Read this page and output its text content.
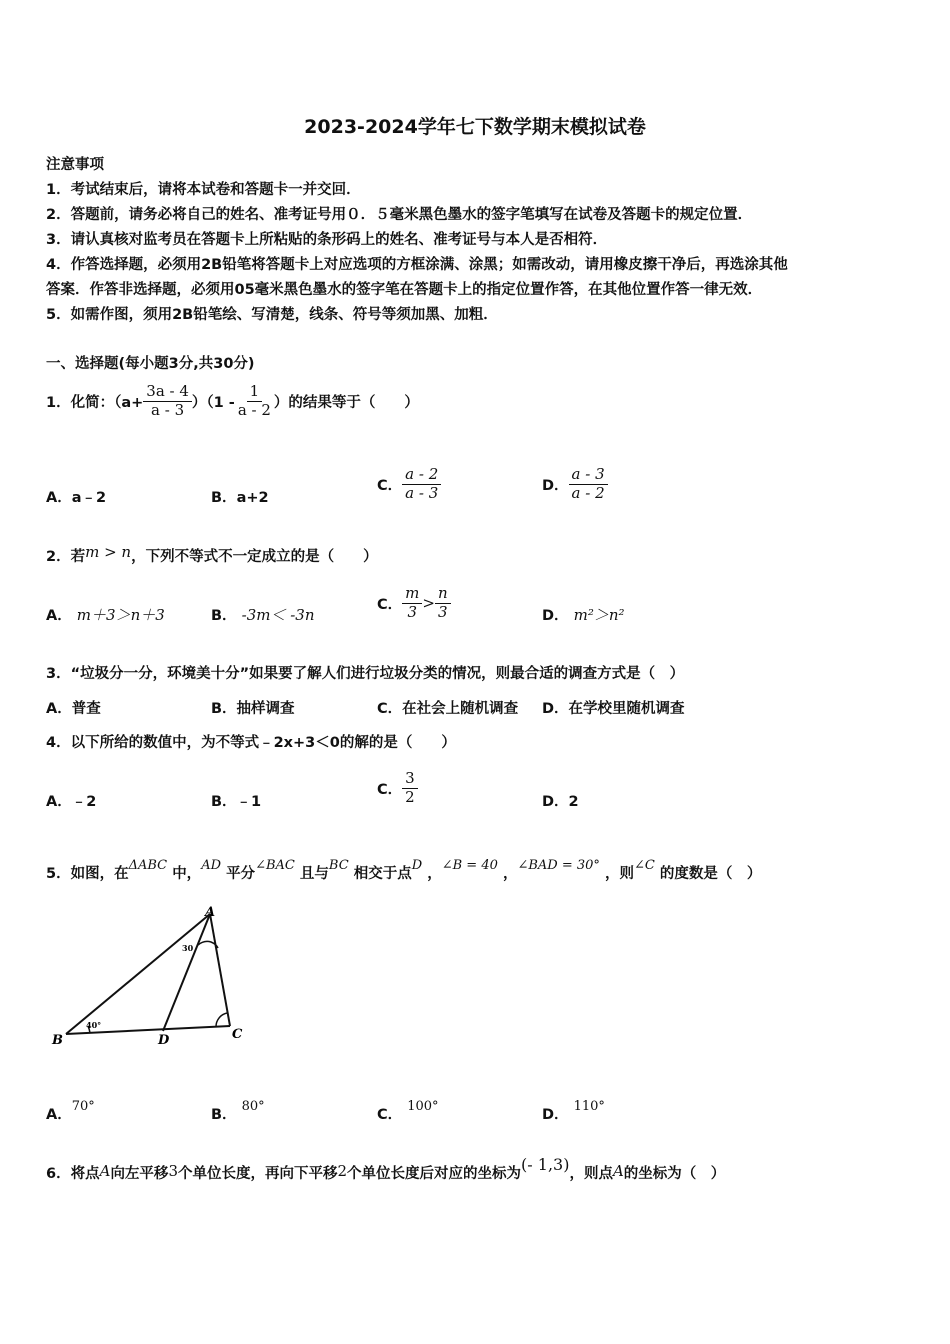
2023-2024学年七下数学期末模拟试卷
注意事项
1．考试结束后，请将本试卷和答题卡一并交回．
2．答题前，请务必将自己的姓名、准考证号用０．５毫米黑色墨水的签字笔填写在试卷及答题卡的规定位置．
3．请认真核对监考员在答题卡上所粘贴的条形码上的姓名、准考证号与本人是否相符．
4．作答选择题，必须用2B铅笔将答题卡上对应选项的方框涂满、涂黑；如需改动，请用橡皮擦干净后，再选涂其他
答案．作答非选择题，必须用05毫米黑色墨水的签字笔在答题卡上的指定位置作答，在其他位置作答一律无效．
5．如需作图，须用2B铅笔绘、写清楚，线条、符号等须加黑、加粗．
一、选择题(每小题3分,共30分)
1．化简：$(a+ \frac{3a - 4}{a - 3} )(1 - \frac{1}{a - 2}$ ）的结果等于（　　）
A．a﹣2	B．a+2
C． $\frac{a - 2}{a - 3}$	D． $\frac{a - 3}{a - 2}$
2．若m > n，下列不等式不一定成立的是（　　）
A． m＋3＞n＋3	B． -3m＜ -3n
C． $\frac{m}{3} > \frac{n}{3}$	D． m²＞n²
3．“垃圾分一分，环境美十分”如果要了解人们进行垃圾分类的情况，则最合适的调查方式是（　）
A．普查	B．抽样调查	C．在社会上随机调查 D．在学校里随机调查
4．以下所给的数值中，为不等式﹣2x+3＜0的解的是（　　）
A．﹣2	B．﹣1
C． $\frac{3}{2}$	D．2
5．如图，在ΔABC 中，AD 平分∠BAC 且与BC 相交于点D ，∠B = 40 ，∠BAD = 30° ，则∠C 的度数是（　）
A
B	C
D
30
40°
A．70°
B． 80°
C． 100°
D． 110°
6．将点A向左平移3个单位长度，再向下平移2个单位长度后对应的坐标为(- 1,3)，则点A的坐标为（　）
